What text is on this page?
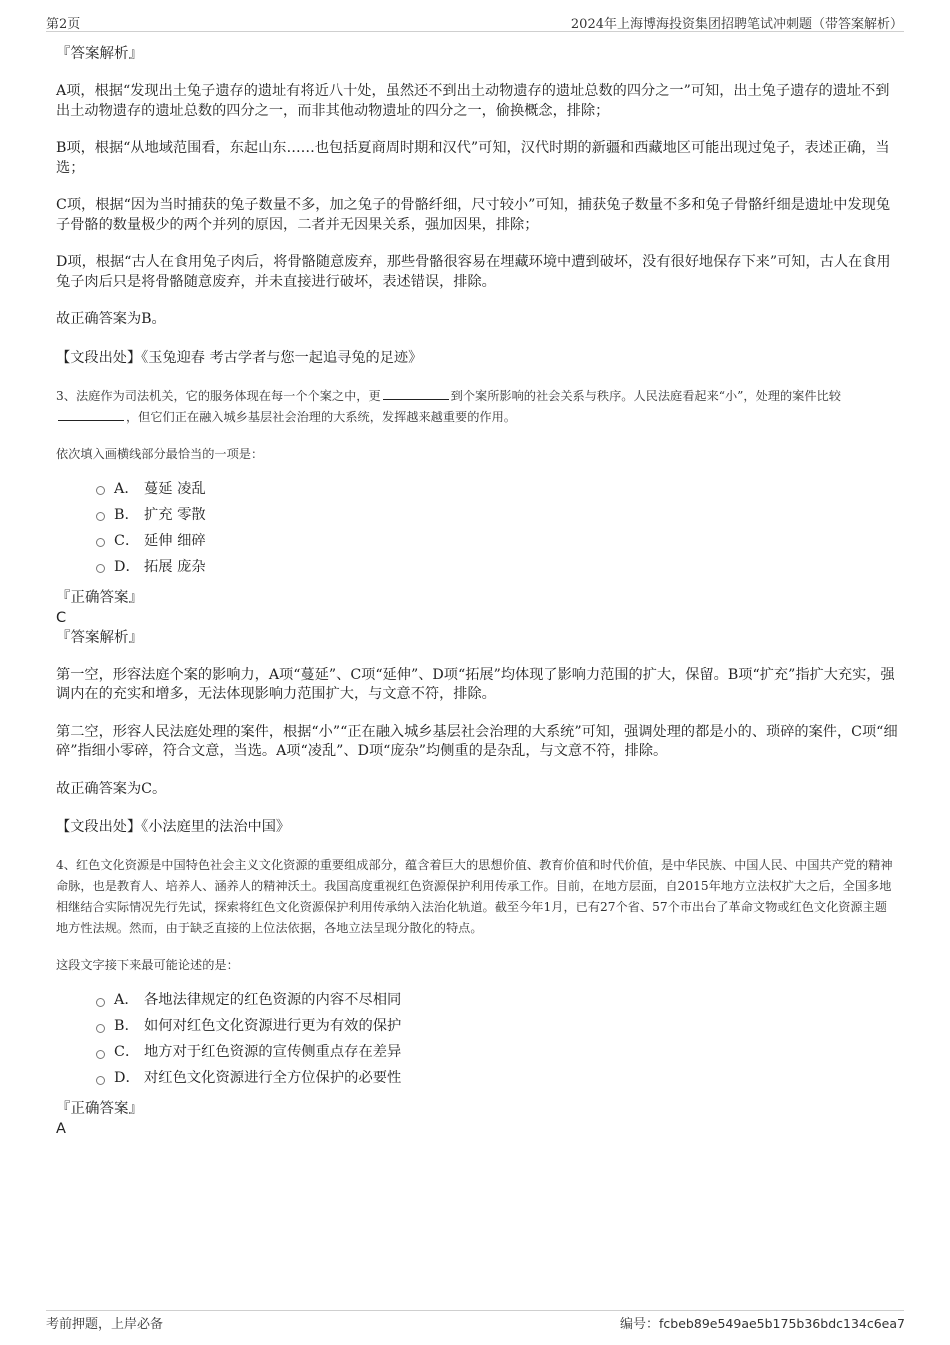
第2页	2024年上海博海投资集团招聘笔试冲刺题（带答案解析）
『答案解析』
A项，根据“发现出土兔子遗存的遗址有将近八十处，虽然还不到出土动物遗存的遗址总数的四分之一”可知，出土兔子遗存的遗址不到出土动物遗存的遗址总数的四分之一，而非其他动物遗址的四分之一，偷换概念，排除；
B项，根据“从地域范围看，东起山东……也包括夏商周时期和汉代”可知，汉代时期的新疆和西藏地区可能出现过兔子，表述正确，当选；
C项，根据“因为当时捕获的兔子数量不多，加之兔子的骨骼纤细，尺寸较小”可知，捕获兔子数量不多和兔子骨骼纤细是遗址中发现兔子骨骼的数量极少的两个并列的原因，二者并无因果关系，强加因果，排除；
D项，根据“古人在食用兔子肉后，将骨骼随意废弃，那些骨骼很容易在埋藏环境中遭到破坏，没有很好地保存下来”可知，古人在食用兔子肉后只是将骨骼随意废弃，并未直接进行破坏，表述错误，排除。
故正确答案为B。
【文段出处】《玉兔迎春 考古学者与您一起追寻兔的足迹》
3、法庭作为司法机关，它的服务体现在每一个个案之中，更	到个案所影响的社会关系与秩序。人民法庭看起来“小”，处理的案件比较，但它们正在融入城乡基层社会治理的大系统，发挥越来越重要的作用。
依次填入画横线部分最恰当的一项是：
A． 蔓延 凌乱
B.	扩充 零散
C． 延伸 细碎
D． 拓展 庞杂
『正确答案』
C
『答案解析』
第一空，形容法庭个案的影响力，A项“蔓延”、C项“延伸”、D项“拓展”均体现了影响力范围的扩大，保留。B项“扩充”指扩大充实，强调内在的充实和增多，无法体现影响力范围扩大，与文意不符，排除。
第二空，形容人民法庭处理的案件，根据“小”“正在融入城乡基层社会治理的大系统”可知，强调处理的都是小的、琐碎的案件，C项“细碎”指细小零碎，符合文意，当选。A项“凌乱”、D项“庞杂”均侧重的是杂乱，与文意不符，排除。
故正确答案为C。
【文段出处】《小法庭里的法治中国》
4、红色文化资源是中国特色社会主义文化资源的重要组成部分，蕴含着巨大的思想价值、教育价值和时代价值，是中华民族、中国人民、中国共产党的精神命脉，也是教育人、培养人、涵养人的精神沃土。我国高度重视红色资源保护利用传承工作。目前，在地方层面，自2015年地方立法权扩大之后，全国多地相继结合实际情况先行先试，探索将红色文化资源保护利用传承纳入法治化轨道。截至今年1月，已有27个省、57个市出台了革命文物或红色文化资源主题地方性法规。然而，由于缺乏直接的上位法依据，各地立法呈现分散化的特点。
这段文字接下来最可能论述的是：
A． 各地法律规定的红色资源的内容不尽相同
B.	如何对红色文化资源进行更为有效的保护
C． 地方对于红色资源的宣传侧重点存在差异
D． 对红色文化资源进行全方位保护的必要性
『正确答案』
A
考前押题，上岸必备	编号：fcbeb89e549ae5b175b36bdc134c6ea7
